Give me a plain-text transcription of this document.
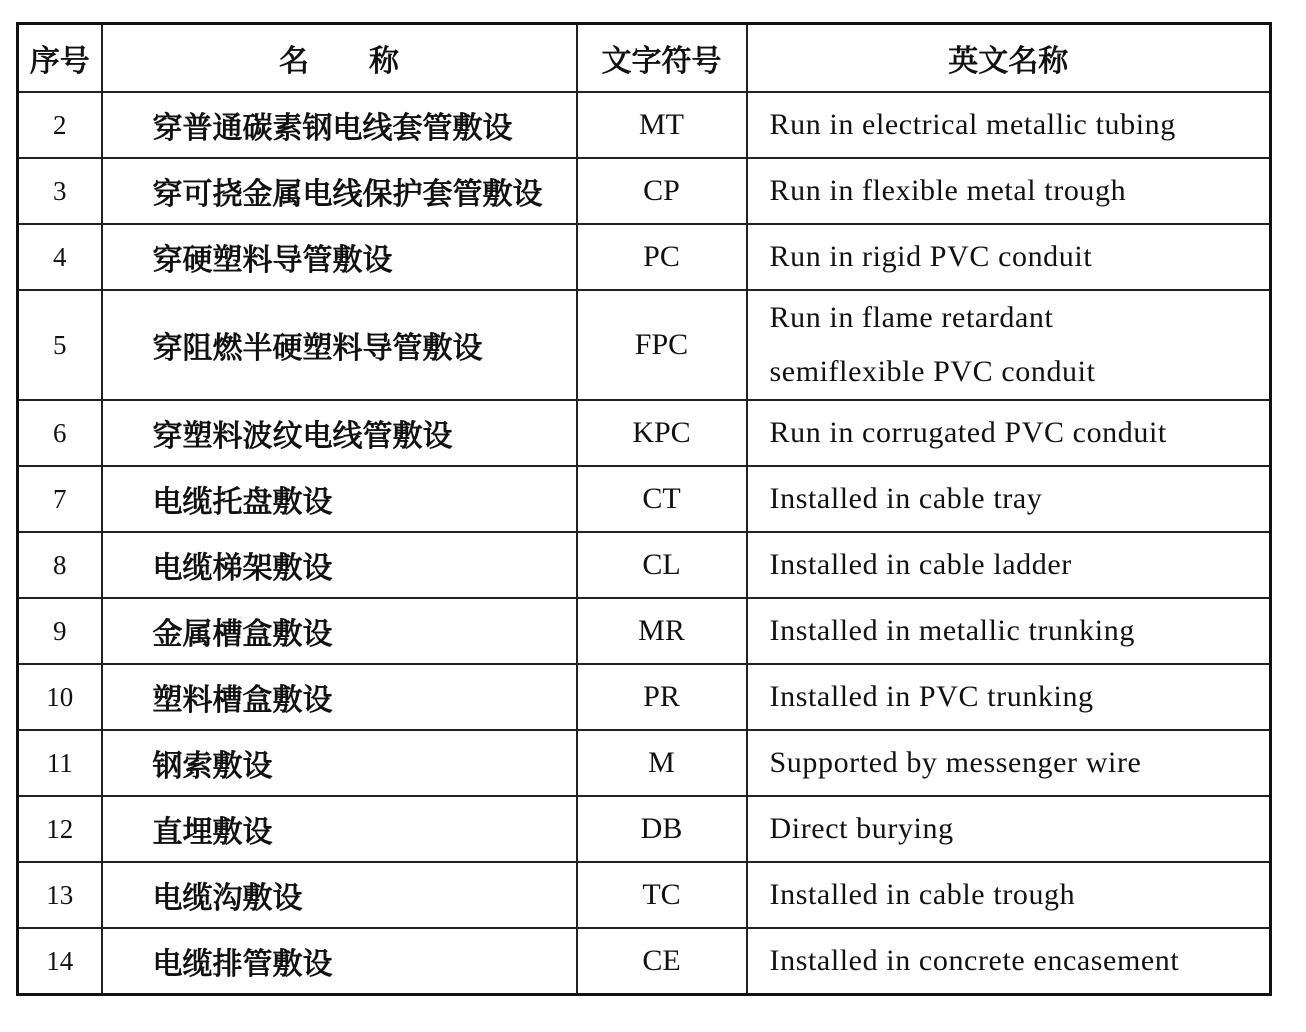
序号	名　　称	文字符号	英文名称
2	穿普通碳素钢电线套管敷设	MT	Run in electrical metallic tubing

3	穿可挠金属电线保护套管敷设	CP	Run in flexible metal trough

4	穿硬塑料导管敷设	PC	Run in rigid PVC conduit

5	穿阻燃半硬塑料导管敷设	FPC	Run in flame retardant
semiflexible PVC conduit

6	穿塑料波纹电线管敷设	KPC	Run in corrugated PVC conduit

7	电缆托盘敷设	CT	Installed in cable tray

8	电缆梯架敷设	CL	Installed in cable ladder

9	金属槽盒敷设	MR	Installed in metallic trunking

10	塑料槽盒敷设	PR	Installed in PVC trunking

11	钢索敷设	M	Supported by messenger wire

12	直埋敷设	DB	Direct burying

13	电缆沟敷设	TC	Installed in cable trough

14	电缆排管敷设	CE	Installed in concrete encasement
